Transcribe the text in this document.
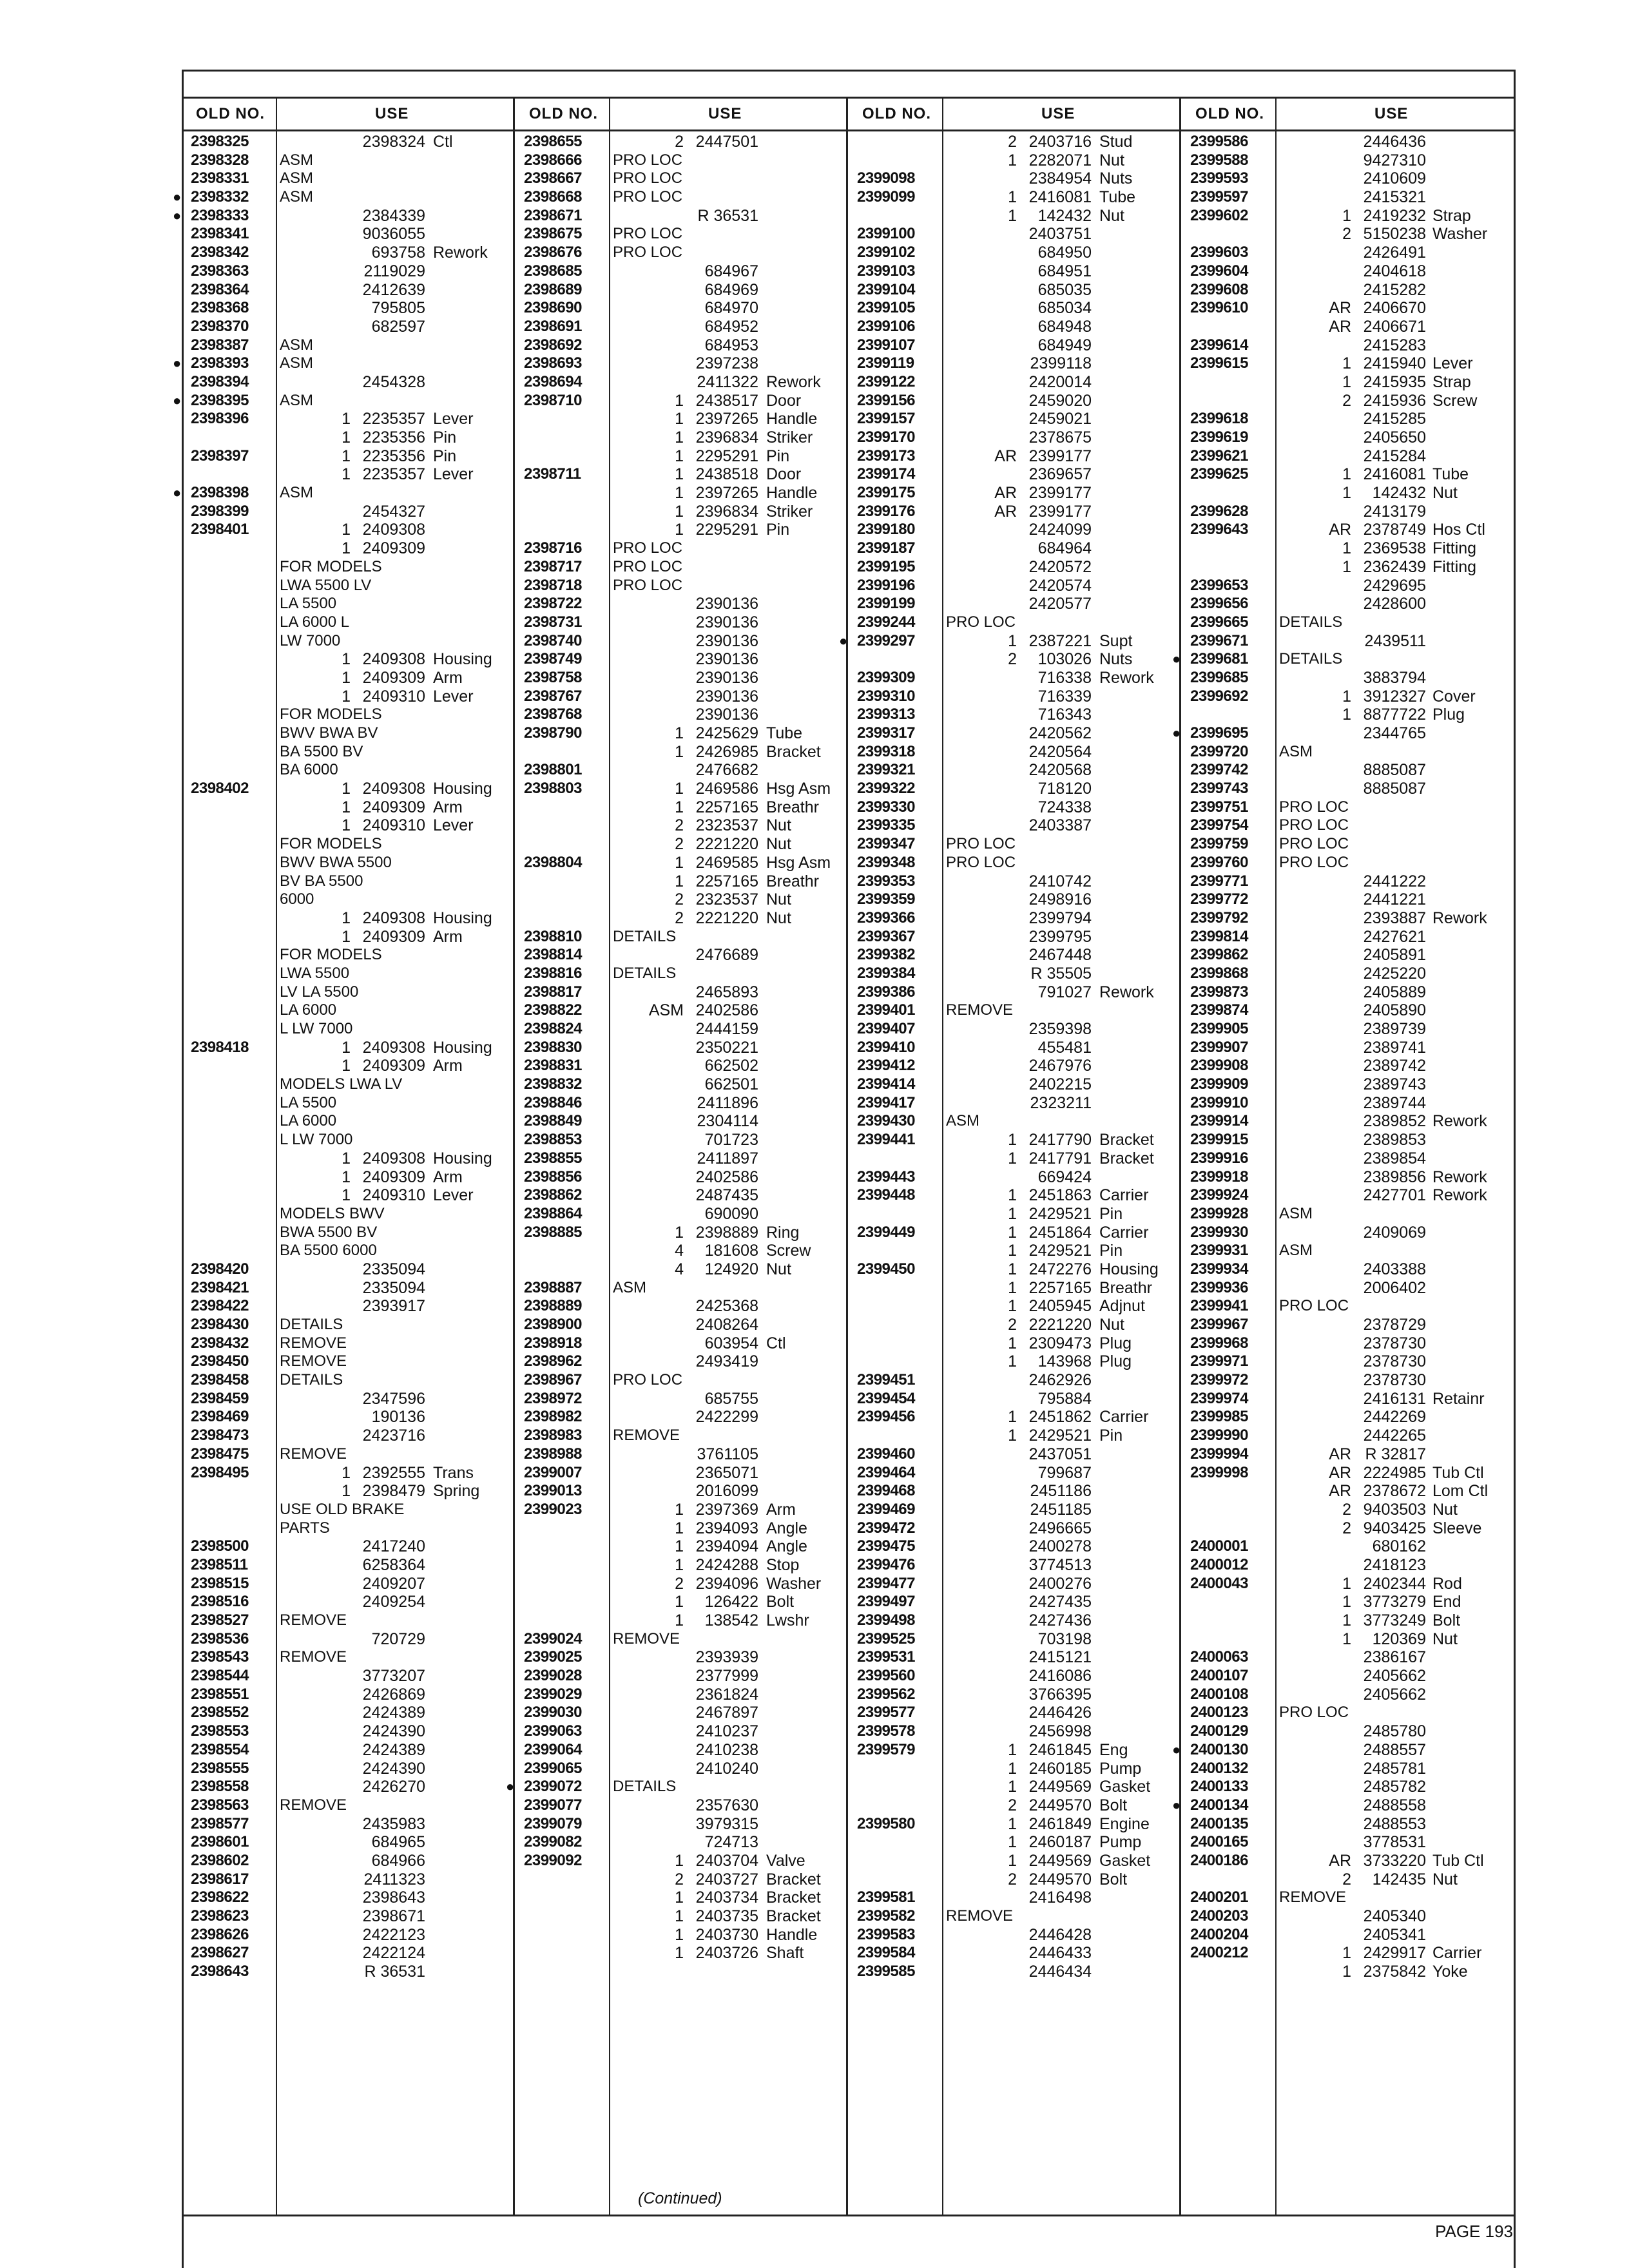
OLD NO.	USE
2398325	2398324 Ctl
2398328 ASM
2398331 ASM
● 2398332 ASM
● 2398333	2384339
2398341	9036055
2398342	693758 Rework
2398363	2119029
2398364	2412639
2398368	795805
2398370	682597
2398387 ASM
● 2398393 ASM
2398394	2454328
● 2398395 ASM
2398396	1 2235357 Lever
1 2235356 Pin
2398397	1 2235356 Pin
1 2235357 Lever
● 2398398 ASM
2398399	2454327
2398401	1 2409308
1 2409309
FOR MODELS
LWA 5500 LV
LA 5500
LA 6000 L
LW 7000
1 2409308 Housing
1 2409309 Arm
1 2409310 Lever
FOR MODELS
BWV BWA BV
BA 5500 BV
BA 6000
2398402	1 2409308 Housing
1 2409309 Arm
1 2409310 Lever
FOR MODELS
BWV BWA 5500
BV BA 5500
6000
1 2409308 Housing
1 2409309 Arm
FOR MODELS
LWA 5500
LV LA 5500
LA 6000
L LW 7000
2398418	1 2409308 Housing
1 2409309 Arm
MODELS LWA LV
LA 5500
LA 6000
L LW 7000
1 2409308 Housing
1 2409309 Arm
1 2409310 Lever
MODELS BWV
BWA 5500 BV
BA 5500 6000
2398420	2335094
2398421	2335094
2398422	2393917
2398430 DETAILS
2398432 REMOVE
2398450 REMOVE
2398458 DETAILS
2398459	2347596
2398469	190136
2398473	2423716
2398475 REMOVE
2398495	1 2392555 Trans
1 2398479 Spring
USE OLD BRAKE
PARTS
2398500	2417240
2398511	6258364
2398515	2409207
2398516	2409254
2398527 REMOVE
2398536	720729
2398543 REMOVE
2398544	3773207
2398551	2426869
2398552	2424389
2398553	2424390
2398554	2424389
2398555	2424390
2398558	2426270
2398563 REMOVE
2398577	2435983
2398601	684965
2398602	684966
2398617	2411323
2398622	2398643
2398623	2398671
2398626	2422123
2398627	2422124
2398643	R 36531
OLD NO.	USE
2398655	2 2447501
2398666 PRO LOC
2398667 PRO LOC
2398668 PRO LOC
2398671	R 36531
2398675 PRO LOC
2398676 PRO LOC
2398685	684967
2398689	684969
2398690	684970
2398691	684952
2398692	684953
2398693	2397238
2398694	2411322 Rework
2398710	1 2438517 Door
1 2397265 Handle
1 2396834 Striker
1 2295291 Pin
2398711	1 2438518 Door
1 2397265 Handle
1 2396834 Striker
1 2295291 Pin
2398716 PRO LOC
2398717 PRO LOC
2398718 PRO LOC
2398722	2390136
2398731	2390136
2398740	2390136
2398749	2390136
2398758	2390136
2398767	2390136
2398768	2390136
2398790	1 2425629 Tube
1 2426985 Bracket
2398801	2476682
2398803	1 2469586 Hsg Asm
1 2257165 Breathr
2 2323537 Nut
2 2221220 Nut
2398804	1 2469585 Hsg Asm
1 2257165 Breathr
2 2323537 Nut
2 2221220 Nut
2398810 DETAILS
2398814	2476689
2398816 DETAILS
2398817	2465893
2398822	ASM 2402586
2398824	2444159
2398830	2350221
2398831	662502
2398832	662501
2398846	2411896
2398849	2304114
2398853	701723
2398855	2411897
2398856	2402586
2398862	2487435
2398864	690090
2398885	1 2398889 Ring
4 181608 Screw
4 124920 Nut
2398887 ASM
2398889	2425368
2398900	2408264
2398918	603954 Ctl
2398962	2493419
2398967 PRO LOC
2398972	685755
2398982	2422299
2398983 REMOVE
2398988	3761105
2399007	2365071
2399013	2016099
2399023	1 2397369 Arm
1 2394093 Angle
1 2394094 Angle
1 2424288 Stop
2 2394096 Washer
1 126422 Bolt
1 138542 Lwshr
2399024 REMOVE
2399025	2393939
2399028	2377999
2399029	2361824
2399030	2467897
2399063	2410237
2399064	2410238
2399065	2410240
● 2399072 DETAILS
2399077	2357630
2399079	3979315
2399082	724713
2399092	1 2403704 Valve
2 2403727 Bracket
1 2403734 Bracket
1 2403735 Bracket
1 2403730 Handle
1 2403726 Shaft
OLD NO.	USE
2 2403716 Stud
1 2282071 Nut
2399098	2384954 Nuts
2399099	1 2416081 Tube
1 142432 Nut
2399100	2403751
2399102	684950
2399103	684951
2399104	685035
2399105	685034
2399106	684948
2399107	684949
2399119	2399118
2399122	2420014
2399156	2459020
2399157	2459021
2399170	2378675
2399173	AR 2399177
2399174	2369657
2399175	AR 2399177
2399176	AR 2399177
2399180	2424099
2399187	684964
2399195	2420572
2399196	2420574
2399199	2420577
2399244 PRO LOC
● 2399297	1 2387221 Supt
2 103026 Nuts
2399309	716338 Rework
2399310	716339
2399313	716343
2399317	2420562
2399318	2420564
2399321	2420568
2399322	718120
2399330	724338
2399335	2403387
2399347 PRO LOC
2399348 PRO LOC
2399353	2410742
2399359	2498916
2399366	2399794
2399367	2399795
2399382	2467448
2399384	R 35505
2399386	791027 Rework
2399401 REMOVE
2399407	2359398
2399410	455481
2399412	2467976
2399414	2402215
2399417	2323211
2399430 ASM
2399441	1 2417790 Bracket
1 2417791 Bracket
2399443	669424
2399448	1 2451863 Carrier
1 2429521 Pin
2399449	1 2451864 Carrier
1 2429521 Pin
2399450	1 2472276 Housing
1 2257165 Breathr
1 2405945 Adjnut
2 2221220 Nut
1 2309473 Plug
1 143968 Plug
2399451	2462926
2399454	795884
2399456	1 2451862 Carrier
1 2429521 Pin
2399460	2437051
2399464	799687
2399468	2451186
2399469	2451185
2399472	2496665
2399475	2400278
2399476	3774513
2399477	2400276
2399497	2427435
2399498	2427436
2399525	703198
2399531	2415121
2399560	2416086
2399562	3766395
2399577	2446426
2399578	2456998
2399579	1 2461845 Eng
1 2460185 Pump
1 2449569 Gasket
2 2449570 Bolt
2399580	1 2461849 Engine
1 2460187 Pump
1 2449569 Gasket
2 2449570 Bolt
2399581	2416498
2399582 REMOVE
2399583	2446428
2399584	2446433
2399585	2446434
OLD NO.	USE
2399586	2446436
2399588	9427310
2399593	2410609
2399597	2415321
2399602	1 2419232 Strap
2 5150238 Washer
2399603	2426491
2399604	2404618
2399608	2415282
2399610	AR 2406670
AR 2406671
2399614	2415283
2399615	1 2415940 Lever
1 2415935 Strap
2 2415936 Screw
2399618	2415285
2399619	2405650
2399621	2415284
2399625	1 2416081 Tube
1 142432 Nut
2399628	2413179
2399643	AR 2378749 Hos Ctl
1 2369538 Fitting
1 2362439 Fitting
2399653	2429695
2399656	2428600
2399665 DETAILS
2399671	2439511
● 2399681 DETAILS
2399685	3883794
2399692	1 3912327 Cover
1 8877722 Plug
● 2399695	2344765
2399720 ASM
2399742	8885087
2399743	8885087
2399751 PRO LOC
2399754 PRO LOC
2399759 PRO LOC
2399760 PRO LOC
2399771	2441222
2399772	2441221
2399792	2393887 Rework
2399814	2427621
2399862	2405891
2399868	2425220
2399873	2405889
2399874	2405890
2399905	2389739
2399907	2389741
2399908	2389742
2399909	2389743
2399910	2389744
2399914	2389852 Rework
2399915	2389853
2399916	2389854
2399918	2389856 Rework
2399924	2427701 Rework
2399928 ASM
2399930	2409069
2399931 ASM
2399934	2403388
2399936	2006402
2399941 PRO LOC
2399967	2378729
2399968	2378730
2399971	2378730
2399972	2378730
2399974	2416131 Retainr
2399985	2442269
2399990	2442265
2399994	AR R 32817
2399998	AR 2224985 Tub Ctl
AR 2378672 Lom Ctl
2 9403503 Nut
2 9403425 Sleeve
2400001	680162
2400012	2418123
2400043	1 2402344 Rod
1 3773279 End
1 3773249 Bolt
1 120369 Nut
2400063	2386167
2400107	2405662
2400108	2405662
2400123 PRO LOC
2400129	2485780
● 2400130	2488557
2400132	2485781
2400133	2485782
● 2400134	2488558
2400135	2488553
2400165	3778531
2400186	AR 3733220 Tub Ctl
2 142435 Nut
2400201 REMOVE
2400203	2405340
2400204	2405341
2400212	1 2429917 Carrier
1 2375842 Yoke
(Continued)
PAGE 193
